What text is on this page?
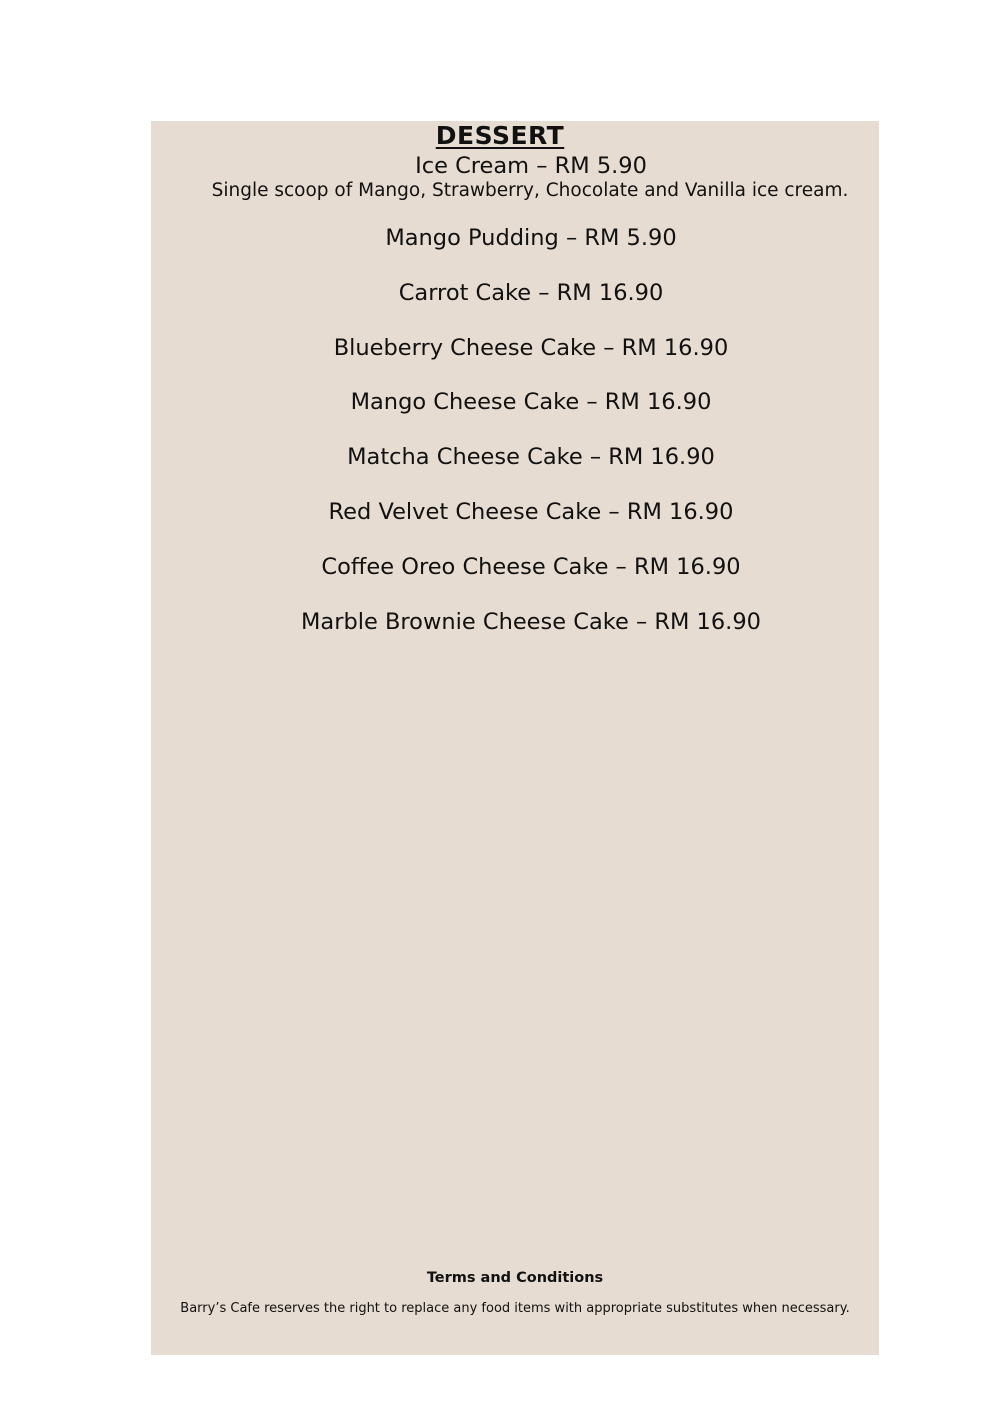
DESSERT
Ice Cream – RM 5.90
Single scoop of Mango, Strawberry, Chocolate and Vanilla ice cream.
Mango Pudding – RM 5.90
Carrot Cake – RM 16.90
Blueberry Cheese Cake – RM 16.90
Mango Cheese Cake – RM 16.90
Matcha Cheese Cake – RM 16.90
Red Velvet Cheese Cake – RM 16.90
Coffee Oreo Cheese Cake – RM 16.90
Marble Brownie Cheese Cake – RM 16.90
Terms and Conditions
Barry’s Cafe reserves the right to replace any food items with appropriate substitutes when necessary.
